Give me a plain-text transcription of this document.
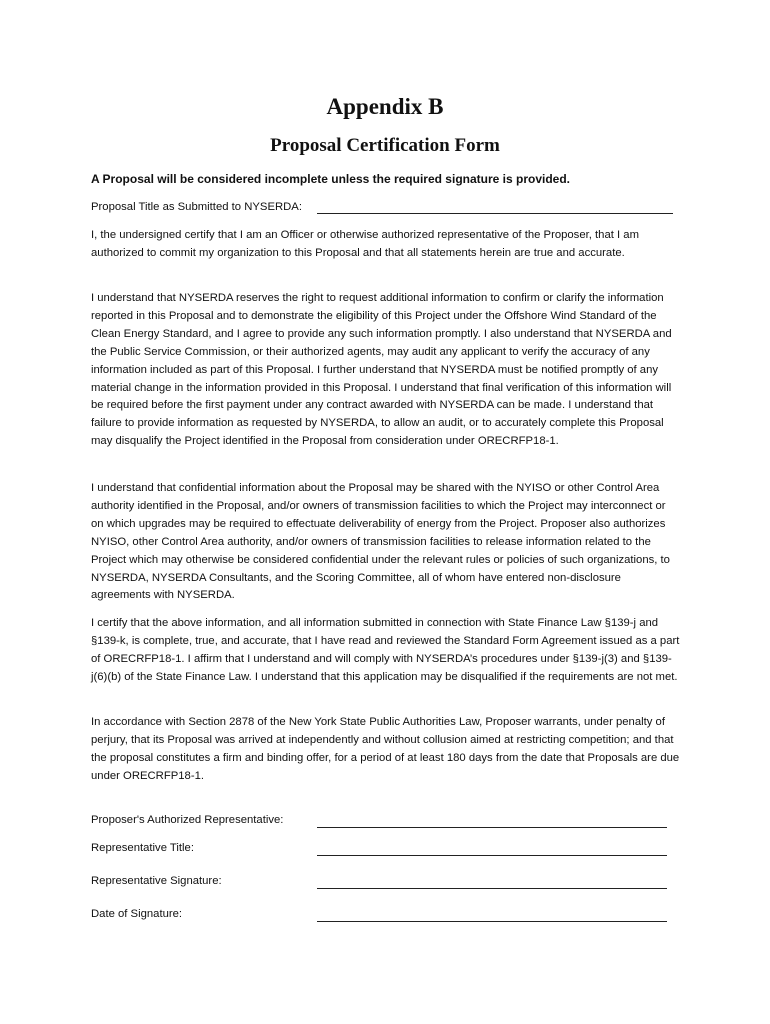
Appendix B
Proposal Certification Form
A Proposal will be considered incomplete unless the required signature is provided.
Proposal Title as Submitted to NYSERDA:

I, the undersigned certify that I am an Officer or otherwise authorized representative of the Proposer, that I am authorized to commit my organization to this Proposal and that all statements herein are true and accurate.

I understand that NYSERDA reserves the right to request additional information to confirm or clarify the information reported in this Proposal and to demonstrate the eligibility of this Project under the Offshore Wind Standard of the Clean Energy Standard, and I agree to provide any such information promptly. I also understand that NYSERDA and the Public Service Commission, or their authorized agents, may audit any applicant to verify the accuracy of any information included as part of this Proposal. I further understand that NYSERDA must be notified promptly of any material change in the information provided in this Proposal. I understand that final verification of this information will be required before the first payment under any contract awarded with NYSERDA can be made. I understand that failure to provide information as requested by NYSERDA, to allow an audit, or to accurately complete this Proposal may disqualify the Project identified in the Proposal from consideration under ORECRFP18-1.

I understand that confidential information about the Proposal may be shared with the NYISO or other Control Area authority identified in the Proposal, and/or owners of transmission facilities to which the Project may interconnect or on which upgrades may be required to effectuate deliverability of energy from the Project. Proposer also authorizes NYISO, other Control Area authority, and/or owners of transmission facilities to release information related to the Project which may otherwise be considered confidential under the relevant rules or policies of such organizations, to NYSERDA, NYSERDA Consultants, and the Scoring Committee, all of whom have entered non-disclosure agreements with NYSERDA.

I certify that the above information, and all information submitted in connection with State Finance Law §139-j and §139-k, is complete, true, and accurate, that I have read and reviewed the Standard Form Agreement issued as a part of ORECRFP18-1. I affirm that I understand and will comply with NYSERDA’s procedures under §139-j(3) and §139-j(6)(b) of the State Finance Law. I understand that this application may be disqualified if the requirements are not met.

In accordance with Section 2878 of the New York State Public Authorities Law, Proposer warrants, under penalty of perjury, that its Proposal was arrived at independently and without collusion aimed at restricting competition; and that the proposal constitutes a firm and binding offer, for a period of at least 180 days from the date that Proposals are due under ORECRFP18-1.

Proposer's Authorized Representative:
Representative Title:
Representative Signature:
Date of Signature:
